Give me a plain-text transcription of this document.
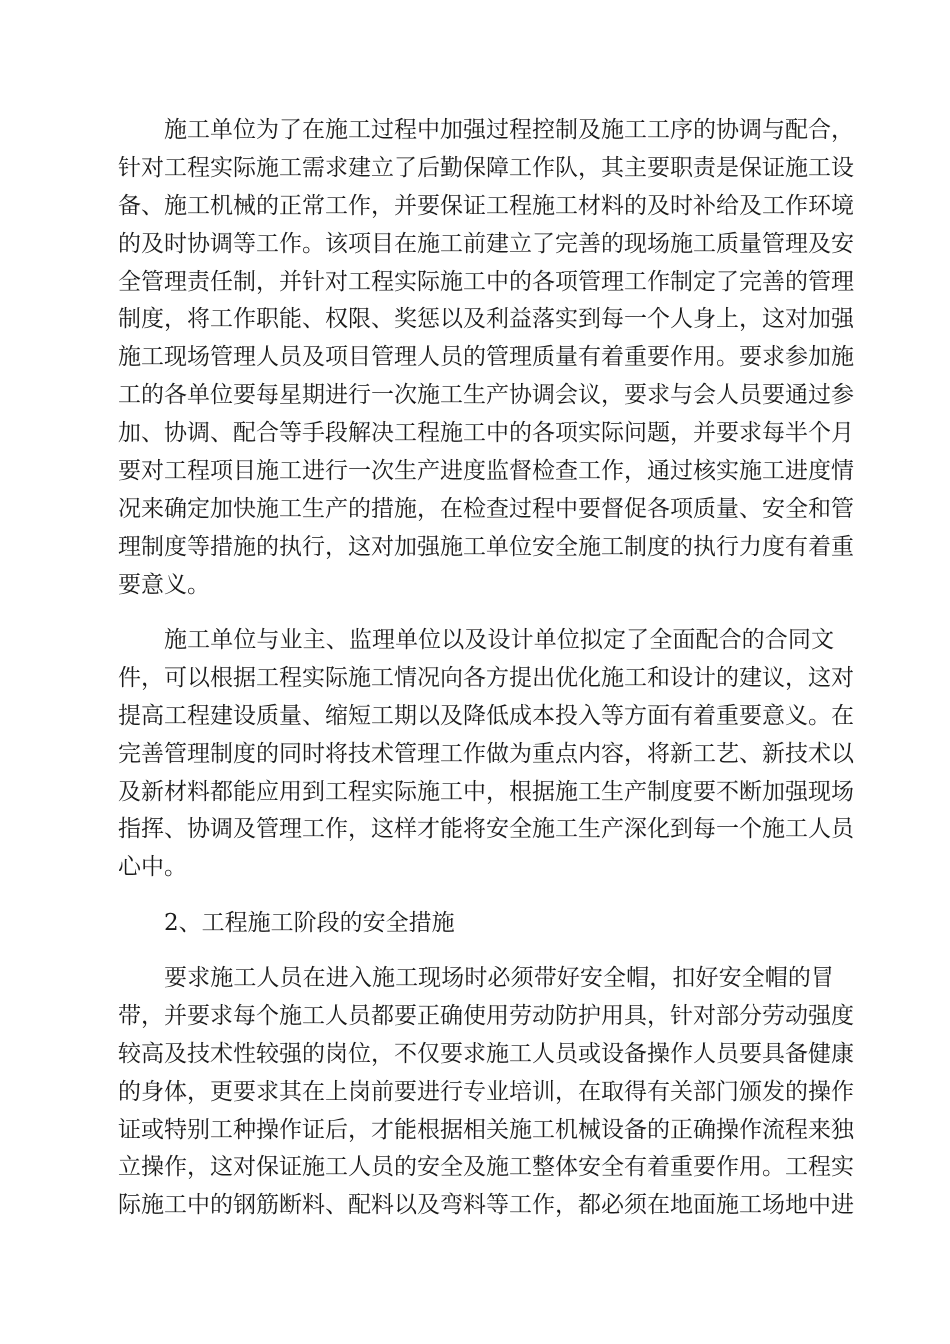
施工单位为了在施工过程中加强过程控制及施工工序的协调与配合，
针对工程实际施工需求建立了后勤保障工作队，其主要职责是保证施工设
备、施工机械的正常工作，并要保证工程施工材料的及时补给及工作环境
的及时协调等工作。该项目在施工前建立了完善的现场施工质量管理及安
全管理责任制，并针对工程实际施工中的各项管理工作制定了完善的管理
制度，将工作职能、权限、奖惩以及利益落实到每一个人身上，这对加强
施工现场管理人员及项目管理人员的管理质量有着重要作用。要求参加施
工的各单位要每星期进行一次施工生产协调会议，要求与会人员要通过参
加、协调、配合等手段解决工程施工中的各项实际问题，并要求每半个月
要对工程项目施工进行一次生产进度监督检查工作，通过核实施工进度情
况来确定加快施工生产的措施，在检查过程中要督促各项质量、安全和管
理制度等措施的执行，这对加强施工单位安全施工制度的执行力度有着重
要意义。
施工单位与业主、监理单位以及设计单位拟定了全面配合的合同文
件，可以根据工程实际施工情况向各方提出优化施工和设计的建议，这对
提高工程建设质量、缩短工期以及降低成本投入等方面有着重要意义。在
完善管理制度的同时将技术管理工作做为重点内容，将新工艺、新技术以
及新材料都能应用到工程实际施工中，根据施工生产制度要不断加强现场
指挥、协调及管理工作，这样才能将安全施工生产深化到每一个施工人员
心中。
2、工程施工阶段的安全措施
要求施工人员在进入施工现场时必须带好安全帽，扣好安全帽的冒
带，并要求每个施工人员都要正确使用劳动防护用具，针对部分劳动强度
较高及技术性较强的岗位，不仅要求施工人员或设备操作人员要具备健康
的身体，更要求其在上岗前要进行专业培训，在取得有关部门颁发的操作
证或特别工种操作证后，才能根据相关施工机械设备的正确操作流程来独
立操作，这对保证施工人员的安全及施工整体安全有着重要作用。工程实
际施工中的钢筋断料、配料以及弯料等工作，都必须在地面施工场地中进
